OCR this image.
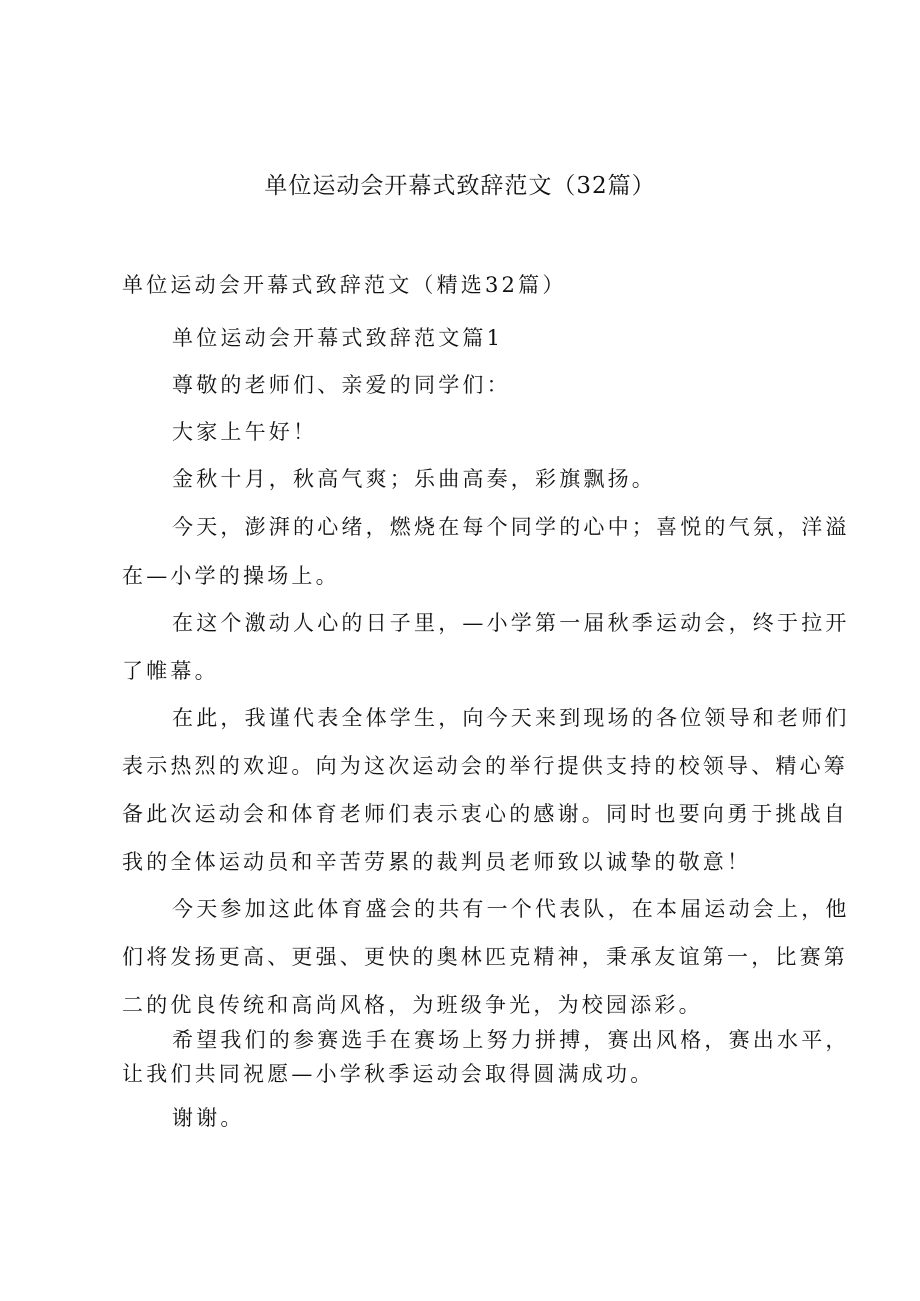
单位运动会开幕式致辞范文（32篇）

单位运动会开幕式致辞范文（精选32篇）

单位运动会开幕式致辞范文篇1

尊敬的老师们、亲爱的同学们：

大家上午好！

金秋十月，秋高气爽；乐曲高奏，彩旗飘扬。

今天，澎湃的心绪，燃烧在每个同学的心中；喜悦的气氛，洋溢

在—小学的操场上。

在这个激动人心的日子里，—小学第一届秋季运动会，终于拉开

了帷幕。

在此，我谨代表全体学生，向今天来到现场的各位领导和老师们

表示热烈的欢迎。向为这次运动会的举行提供支持的校领导、精心筹

备此次运动会和体育老师们表示衷心的感谢。同时也要向勇于挑战自

我的全体运动员和辛苦劳累的裁判员老师致以诚挚的敬意！

今天参加这此体育盛会的共有一个代表队，在本届运动会上，他

们将发扬更高、更强、更快的奥林匹克精神，秉承友谊第一，比赛第

二的优良传统和高尚风格，为班级争光，为校园添彩。

希望我们的参赛选手在赛场上努力拼搏，赛出风格，赛出水平，

让我们共同祝愿—小学秋季运动会取得圆满成功。

谢谢。
